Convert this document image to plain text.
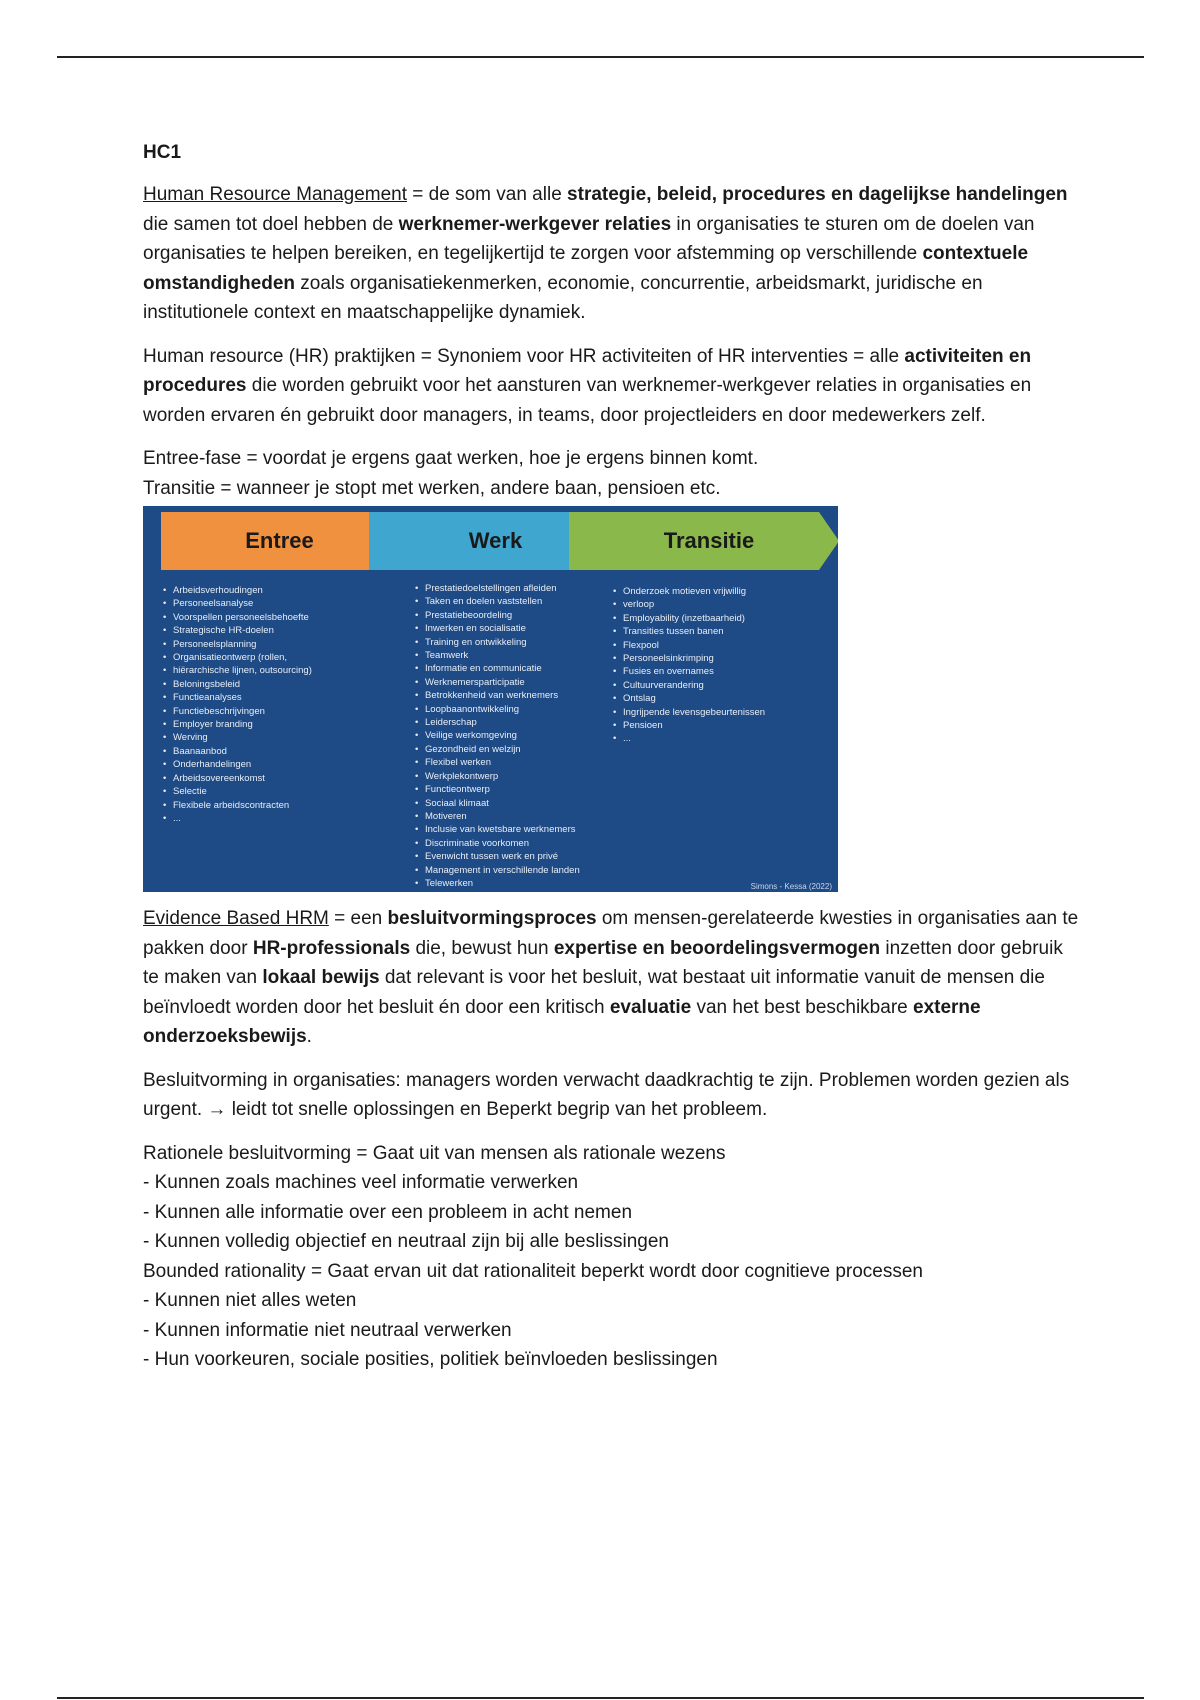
HC1

Human Resource Management = de som van alle strategie, beleid, procedures en dagelijkse handelingen die samen tot doel hebben de werknemer-werkgever relaties in organisaties te sturen om de doelen van organisaties te helpen bereiken, en tegelijkertijd te zorgen voor afstemming op verschillende contextuele omstandigheden zoals organisatiekenmerken, economie, concurrentie, arbeidsmarkt, juridische en institutionele context en maatschappelijke dynamiek.

Human resource (HR) praktijken = Synoniem voor HR activiteiten of HR interventies = alle activiteiten en procedures die worden gebruikt voor het aansturen van werknemer-werkgever relaties in organisaties en worden ervaren én gebruikt door managers, in teams, door projectleiders en door medewerkers zelf.

Entree-fase = voordat je ergens gaat werken, hoe je ergens binnen komt.

Transitie = wanneer je stopt met werken, andere baan, pensioen etc.

Entree	Werk	Transitie
• Arbeidsverhoudingen
• Personeelsanalyse
• Voorspellen personeelsbehoefte
• Strategische HR-doelen
• Personeelsplanning
• Organisatieontwerp (rollen,
• hiërarchische lijnen, outsourcing)
• Beloningsbeleid
• Functieanalyses
• Functiebeschrijvingen
• Employer branding
• Werving
• Baanaanbod
• Onderhandelingen
• Arbeidsovereenkomst
• Selectie
• Flexibele arbeidscontracten
• ...
• Prestatiedoelstellingen afleiden
• Taken en doelen vaststellen
• Prestatiebeoordeling
• Inwerken en socialisatie
• Training en ontwikkeling
• Teamwerk
• Informatie en communicatie
• Werknemersparticipatie
• Betrokkenheid van werknemers
• Loopbaanontwikkeling
• Leiderschap
• Veilige werkomgeving
• Gezondheid en welzijn
• Flexibel werken
• Werkplekontwerp
• Functieontwerp
• Sociaal klimaat
• Motiveren
• Inclusie van kwetsbare werknemers
• Discriminatie voorkomen
• Evenwicht tussen werk en privé
• Management in verschillende landen
• Telewerken
• Onderzoek motieven vrijwillig
• verloop
• Employability (inzetbaarheid)
• Transities tussen banen
• Flexpool
• Personeelsinkrimping
• Fusies en overnames
• Cultuurverandering
• Ontslag
• Ingrijpende levensgebeurtenissen
• Pensioen
• ...
Simons - Kessa (2022)

Evidence Based HRM = een besluitvormingsproces om mensen-gerelateerde kwesties in organisaties aan te pakken door HR-professionals die, bewust hun expertise en beoordelingsvermogen inzetten door gebruik te maken van lokaal bewijs dat relevant is voor het besluit, wat bestaat uit informatie vanuit de mensen die beïnvloedt worden door het besluit én door een kritisch evaluatie van het best beschikbare externe onderzoeksbewijs.

Besluitvorming in organisaties: managers worden verwacht daadkrachtig te zijn. Problemen worden gezien als urgent. → leidt tot snelle oplossingen en Beperkt begrip van het probleem.

Rationele besluitvorming = Gaat uit van mensen als rationale wezens

- Kunnen zoals machines veel informatie verwerken

- Kunnen alle informatie over een probleem in acht nemen

- Kunnen volledig objectief en neutraal zijn bij alle beslissingen

Bounded rationality = Gaat ervan uit dat rationaliteit beperkt wordt door cognitieve processen

- Kunnen niet alles weten

- Kunnen informatie niet neutraal verwerken

- Hun voorkeuren, sociale posities, politiek beïnvloeden beslissingen
